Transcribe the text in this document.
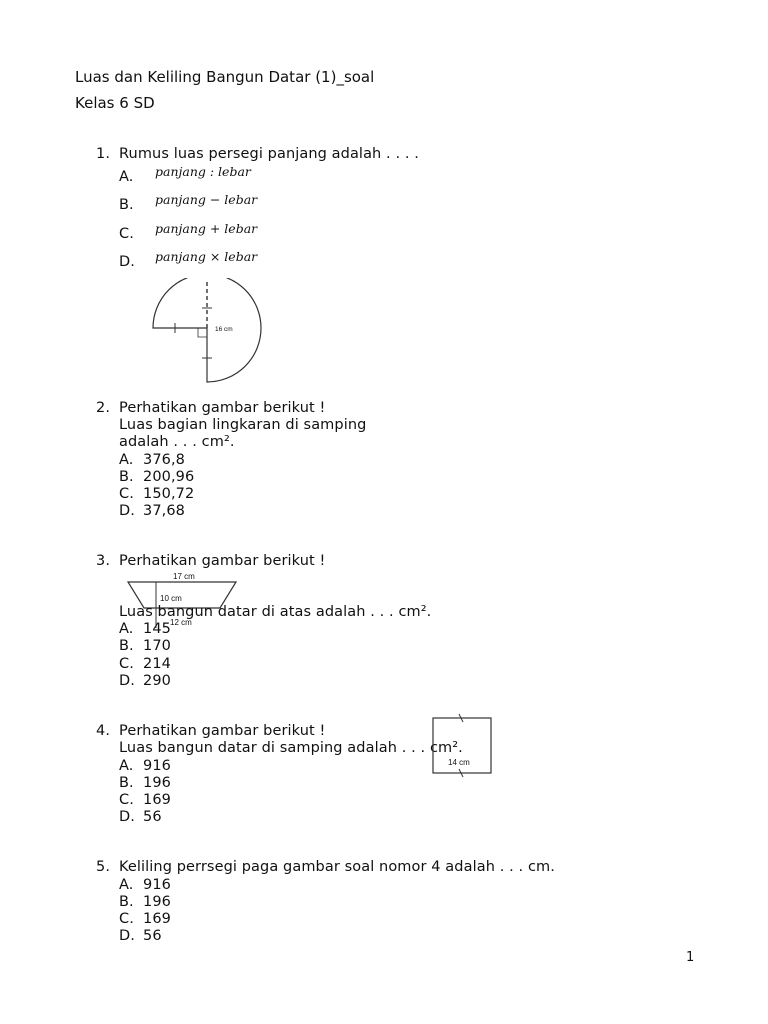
Luas dan Keliling Bangun Datar (1)_soal
Kelas 6 SD
1. Rumus luas persegi panjang adalah . . . .
A. panjang : lebar
B. panjang − lebar
C. panjang + lebar
D. panjang × lebar
16 cm
2. Perhatikan gambar berikut !
Luas bagian lingkaran di samping
adalah . . . cm².
A. 376,8
B. 200,96
C. 150,72
D. 37,68
3. Perhatikan gambar berikut !
17 cm
10 cm
12 cm
Luas bangun datar di atas adalah . . . cm².
A. 145
B. 170
C. 214
D. 290
4. Perhatikan gambar berikut !
Luas bangun datar di samping adalah . . . cm².
14 cm
A. 916
B. 196
C. 169
D. 56
5. Keliling perrsegi paga gambar soal nomor 4 adalah . . . cm.
A. 916
B. 196
C. 169
D. 56
1
